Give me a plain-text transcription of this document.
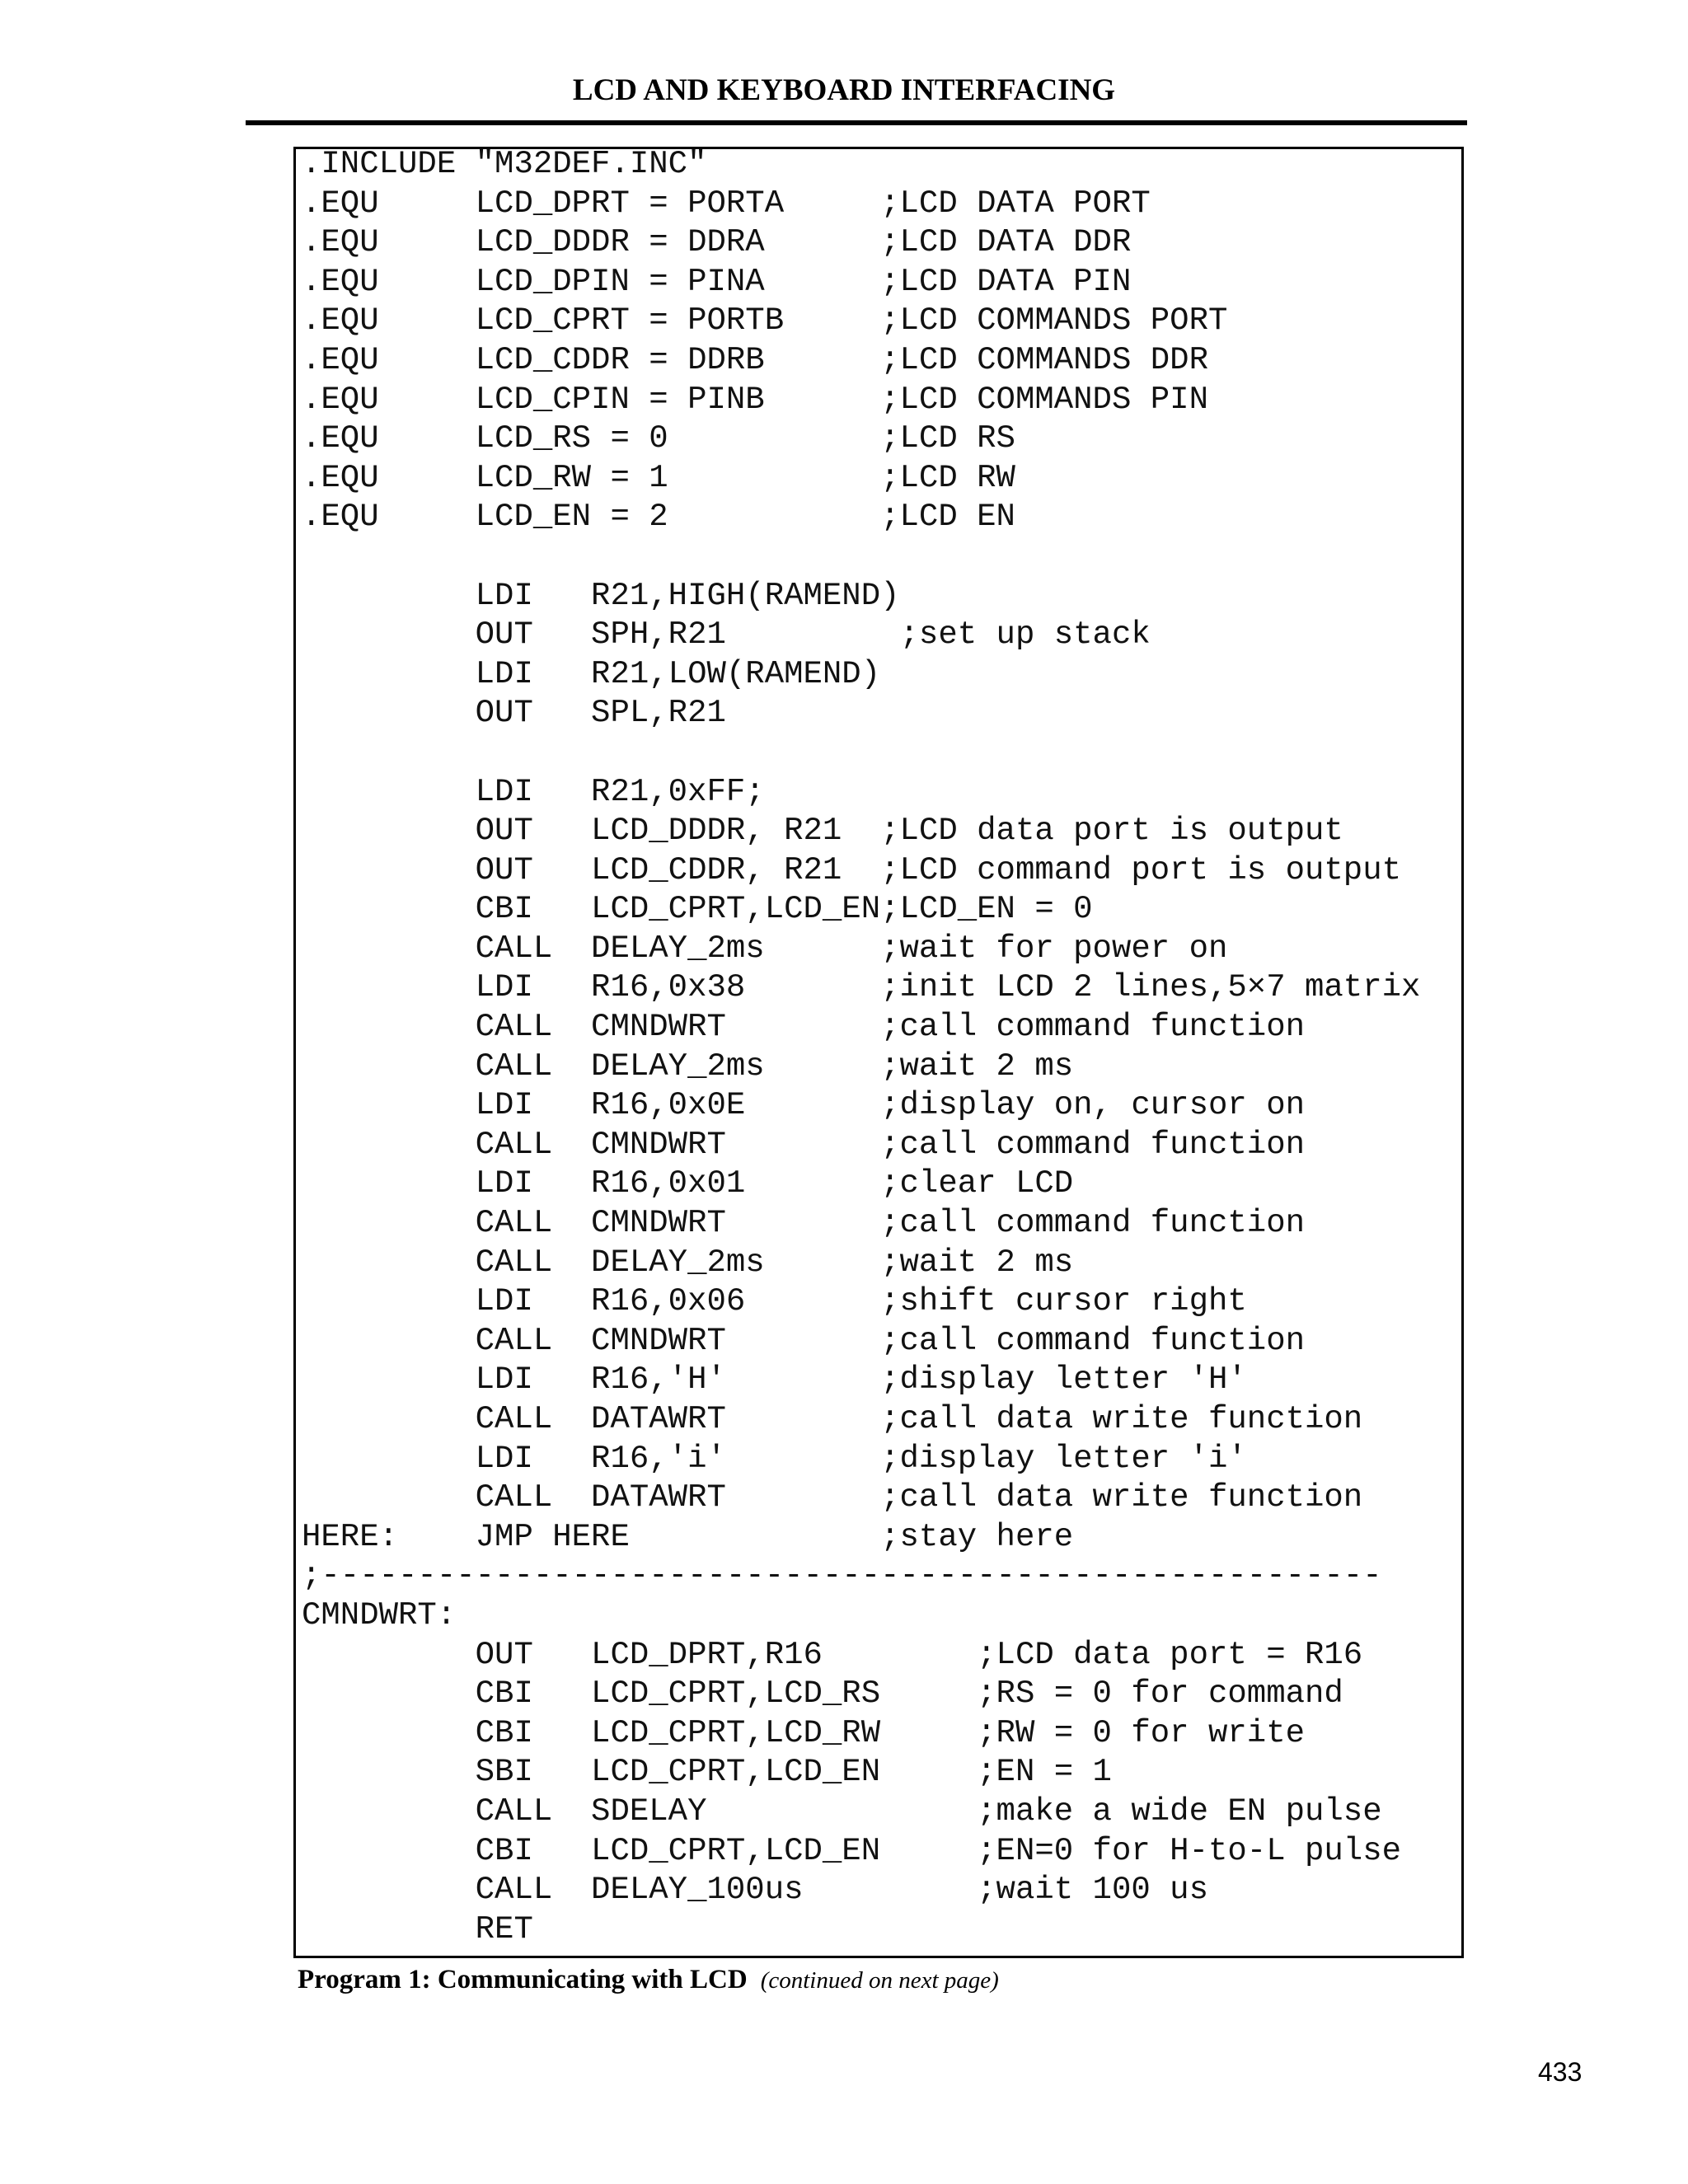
LCD AND KEYBOARD INTERFACING
.INCLUDE "M32DEF.INC"
.EQU     LCD_DPRT = PORTA     ;LCD DATA PORT
.EQU     LCD_DDDR = DDRA      ;LCD DATA DDR
.EQU     LCD_DPIN = PINA      ;LCD DATA PIN
.EQU     LCD_CPRT = PORTB     ;LCD COMMANDS PORT
.EQU     LCD_CDDR = DDRB      ;LCD COMMANDS DDR
.EQU     LCD_CPIN = PINB      ;LCD COMMANDS PIN
.EQU     LCD_RS = 0           ;LCD RS
.EQU     LCD_RW = 1           ;LCD RW
.EQU     LCD_EN = 2           ;LCD EN
LDI   R21,HIGH(RAMEND)
OUT   SPH,R21         ;set up stack
LDI   R21,LOW(RAMEND)
OUT   SPL,R21
LDI   R21,0xFF;
OUT   LCD_DDDR, R21  ;LCD data port is output
OUT   LCD_CDDR, R21  ;LCD command port is output
CBI   LCD_CPRT,LCD_EN;LCD_EN = 0
CALL  DELAY_2ms      ;wait for power on
LDI   R16,0x38       ;init LCD 2 lines,5×7 matrix
CALL  CMNDWRT        ;call command function
CALL  DELAY_2ms      ;wait 2 ms
LDI   R16,0x0E       ;display on, cursor on
CALL  CMNDWRT        ;call command function
LDI   R16,0x01       ;clear LCD
CALL  CMNDWRT        ;call command function
CALL  DELAY_2ms      ;wait 2 ms
LDI   R16,0x06       ;shift cursor right
CALL  CMNDWRT        ;call command function
LDI   R16,'H'        ;display letter 'H'
CALL  DATAWRT        ;call data write function
LDI   R16,'i'        ;display letter 'i'
CALL  DATAWRT        ;call data write function
HERE:    JMP HERE             ;stay here
;-------------------------------------------------------
CMNDWRT:
OUT   LCD_DPRT,R16        ;LCD data port = R16
CBI   LCD_CPRT,LCD_RS     ;RS = 0 for command
CBI   LCD_CPRT,LCD_RW     ;RW = 0 for write
SBI   LCD_CPRT,LCD_EN     ;EN = 1
CALL  SDELAY              ;make a wide EN pulse
CBI   LCD_CPRT,LCD_EN     ;EN=0 for H-to-L pulse
CALL  DELAY_100us         ;wait 100 us
RET
Program 1: Communicating with LCD (continued on next page)
433
